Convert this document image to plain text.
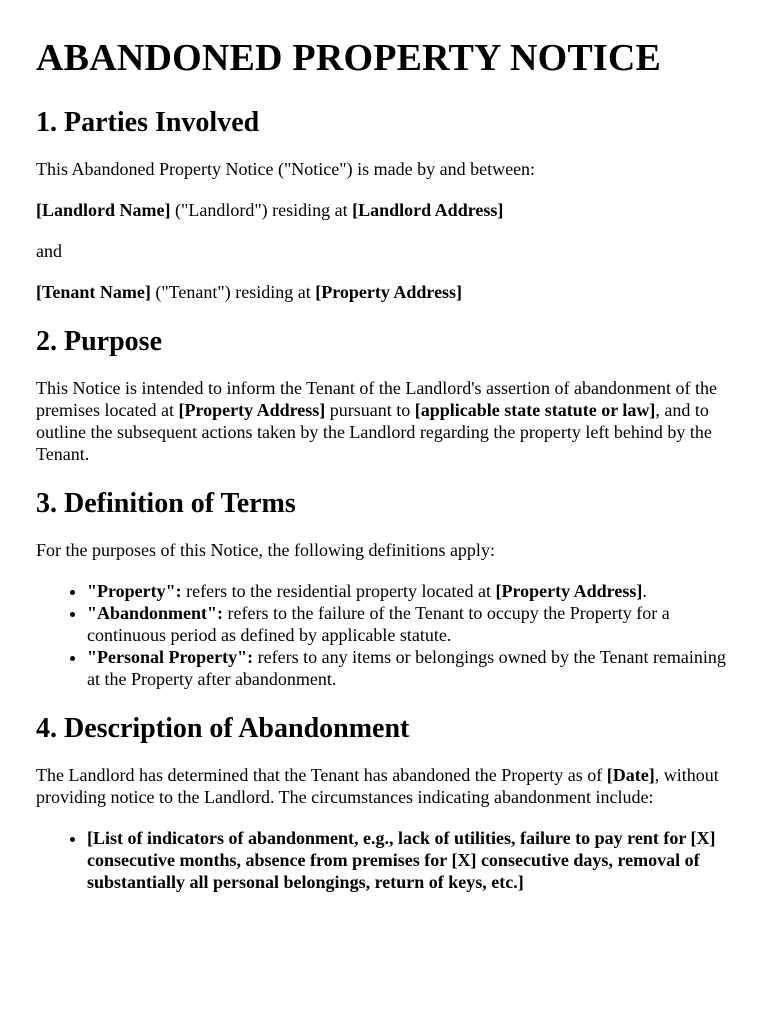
ABANDONED PROPERTY NOTICE
1. Parties Involved

This Abandoned Property Notice ("Notice") is made by and between:

[Landlord Name] ("Landlord") residing at [Landlord Address]

and

[Tenant Name] ("Tenant") residing at [Property Address]

2. Purpose

This Notice is intended to inform the Tenant of the Landlord's assertion of abandonment of the premises located at [Property Address] pursuant to [applicable state statute or law], and to outline the subsequent actions taken by the Landlord regarding the property left behind by the Tenant.

3. Definition of Terms

For the purposes of this Notice, the following definitions apply:

• "Property": refers to the residential property located at [Property Address].
• "Abandonment": refers to the failure of the Tenant to occupy the Property for a continuous period as defined by applicable statute.
• "Personal Property": refers to any items or belongings owned by the Tenant remaining at the Property after abandonment.
4. Description of Abandonment

The Landlord has determined that the Tenant has abandoned the Property as of [Date], without providing notice to the Landlord. The circumstances indicating abandonment include:

• [List of indicators of abandonment, e.g., lack of utilities, failure to pay rent for [X] consecutive months, absence from premises for [X] consecutive days, removal of substantially all personal belongings, return of keys, etc.]
